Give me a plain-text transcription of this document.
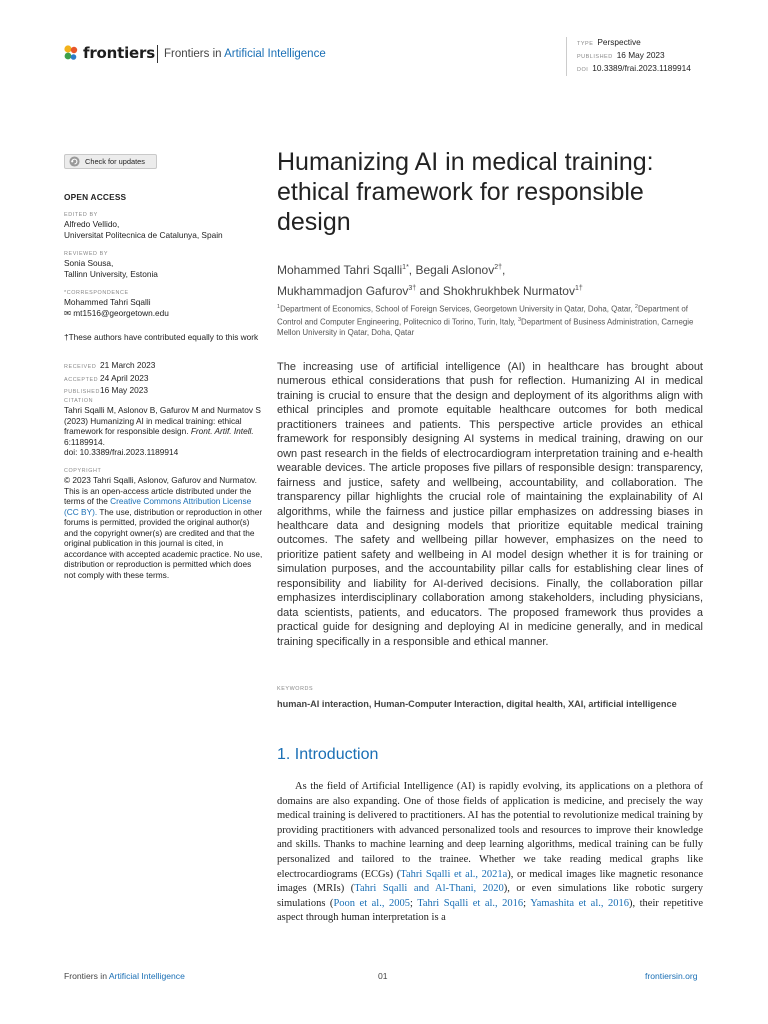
frontiers Frontiers in Artificial Intelligence
TYPE Perspective
PUBLISHED 16 May 2023
DOI 10.3389/frai.2023.1189914
Check for updates
OPEN ACCESS
EDITED BY
Alfredo Vellido,
Universitat Politecnica de Catalunya, Spain
REVIEWED BY
Sonia Sousa,
Tallinn University, Estonia
*CORRESPONDENCE
Mohammed Tahri Sqalli
✉ mt1516@georgetown.edu
†These authors have contributed equally to this work
RECEIVED 21 March 2023
ACCEPTED 24 April 2023
PUBLISHED16 May 2023
CITATION
Tahri Sqalli M, Aslonov B, Gafurov M and Nurmatov S (2023) Humanizing AI in medical training: ethical framework for responsible design. Front. Artif. Intell. 6:1189914.
doi: 10.3389/frai.2023.1189914
COPYRIGHT
© 2023 Tahri Sqalli, Aslonov, Gafurov and Nurmatov. This is an open-access article distributed under the terms of the Creative Commons Attribution License (CC BY). The use, distribution or reproduction in other forums is permitted, provided the original author(s) and the copyright owner(s) are credited and that the original publication in this journal is cited, in accordance with accepted academic practice. No use, distribution or reproduction is permitted which does not comply with these terms.
Humanizing AI in medical training: ethical framework for responsible design
Mohammed Tahri Sqalli$^{1*}$, Begali Aslonov$^{2\dagger}$,
Mukhammadjon Gafurov$^{3\dagger}$ and Shokhrukhbek Nurmatov$^{1\dagger}$
$^1$Department of Economics, School of Foreign Services, Georgetown University in Qatar, Doha, Qatar, $^2$Department of Control and Computer Engineering, Politecnico di Torino, Turin, Italy, $^3$Department of Business Administration, Carnegie Mellon University in Qatar, Doha, Qatar

The increasing use of artificial intelligence (AI) in healthcare has brought about numerous ethical considerations that push for reflection. Humanizing AI in medical training is crucial to ensure that the design and deployment of its algorithms align with ethical principles and promote equitable healthcare outcomes for both medical practitioners trainees and patients. This perspective article provides an ethical framework for responsibly designing AI systems in medical training, drawing on our own past research in the fields of electrocardiogram interpretation training and e-health wearable devices. The article proposes five pillars of responsible design: transparency, fairness and justice, safety and wellbeing, accountability, and collaboration. The transparency pillar highlights the crucial role of maintaining the explainability of AI algorithms, while the fairness and justice pillar emphasizes on addressing biases in healthcare data and designing models that prioritize equitable medical training outcomes. The safety and wellbeing pillar however, emphasizes on the need to prioritize patient safety and wellbeing in AI model design whether it is for training or simulation purposes, and the accountability pillar calls for establishing clear lines of responsibility and liability for AI-derived decisions. Finally, the collaboration pillar emphasizes interdisciplinary collaboration among stakeholders, including physicians, data scientists, patients, and educators. The proposed framework thus provides a practical guide for designing and deploying AI in medicine generally, and in medical training specifically in a responsible and ethical manner.

KEYWORDS
human-AI interaction, Human-Computer Interaction, digital health, XAI, artificial intelligence
1. Introduction

As the field of Artificial Intelligence (AI) is rapidly evolving, its applications on a plethora of domains are also expanding. One of those fields of application is medicine, and precisely the way medical training is delivered to practitioners. AI has the potential to revolutionize medical training by providing practitioners with advanced personalized tools and resources to improve their knowledge and skills. Thanks to machine learning and deep learning algorithms, medical training can be fully personalized and tailored to the trainee. Whether we take reading medical graphs like electrocardiograms (ECGs) (Tahri Sqalli et al., 2021a), or medical images like magnetic resonance images (MRIs) (Tahri Sqalli and Al-Thani, 2020), or even simulations like robotic surgery simulations (Poon et al., 2005; Tahri Sqalli et al., 2016; Yamashita et al., 2016), their repetitive aspect through human interpretation is a

Frontiers in Artificial Intelligence	01	frontiersin.org
